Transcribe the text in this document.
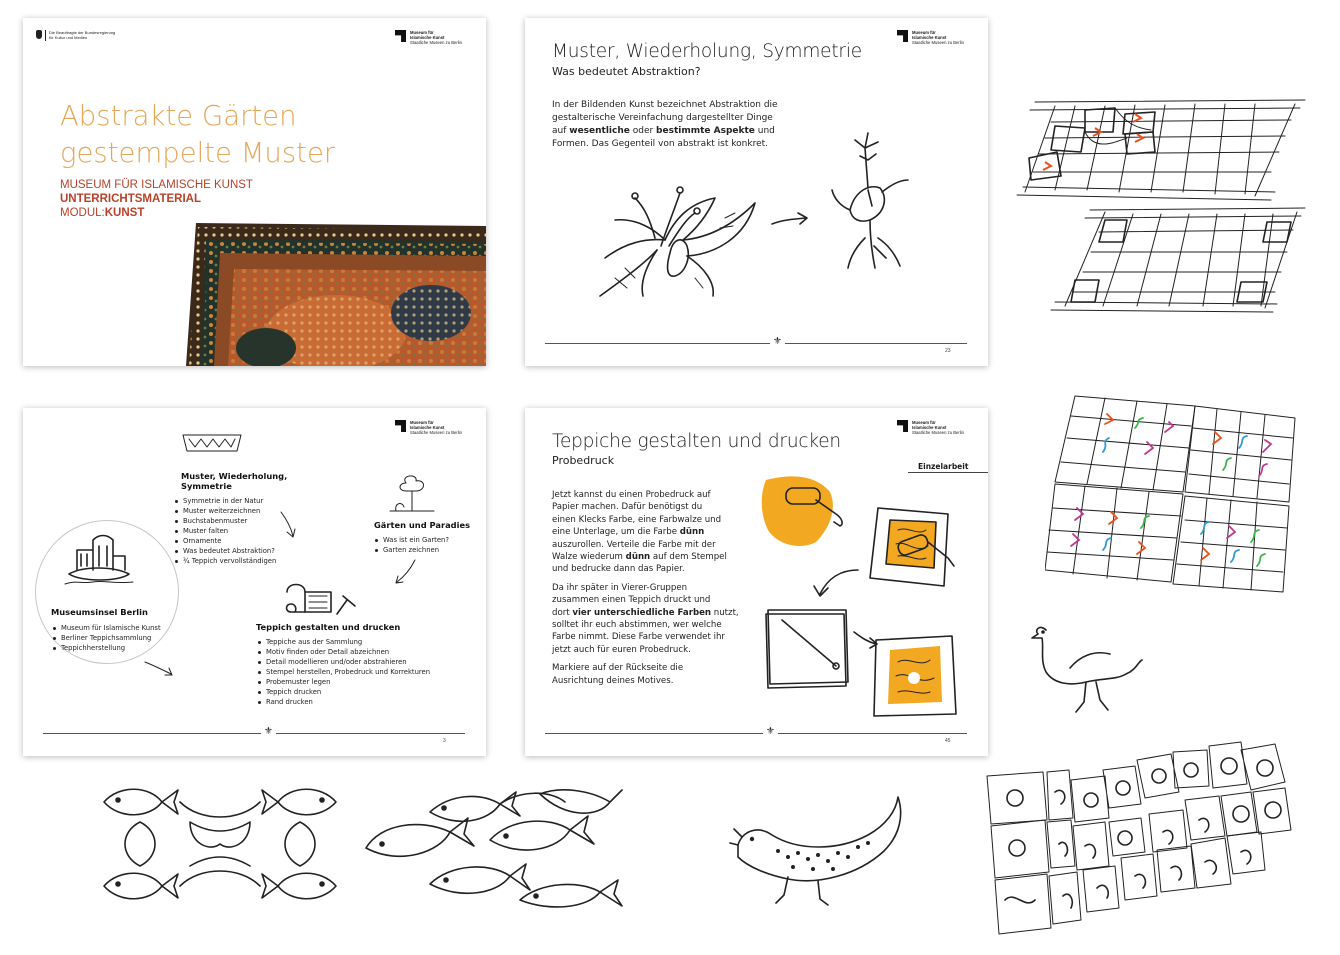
Die Beauftragte der Bundesregierung
für Kultur und Medien
Museum für
Islamische Kunst
Staatliche Museen zu Berlin
Abstrakte Gärten
gestempelte Muster
MUSEUM FÜR ISLAMISCHE KUNST
UNTERRICHTSMATERIAL
MODUL:KUNST
Museum für
Islamische Kunst
Staatliche Museen zu Berlin
Muster, Wiederholung, Symmetrie
Was bedeutet Abstraktion?
In der Bildenden Kunst bezeichnet Abstraktion die
gestalterische Vereinfachung dargestellter Dinge
auf wesentliche oder bestimmte Aspekte und
Formen. Das Gegenteil von abstrakt ist konkret.
⚜
23
Museum für
Islamische Kunst
Staatliche Museen zu Berlin
Muster, Wiederholung,
Symmetrie
Symmetrie in der Natur
Muster weiterzeichnen
Buchstabenmuster
Muster falten
Ornamente
Was bedeutet Abstraktion?
¾ Teppich vervollständigen
Gärten und Paradies
Was ist ein Garten?
Garten zeichnen
Museumsinsel Berlin
Museum für Islamische Kunst
Berliner Teppichsammlung
Teppichherstellung
Teppich gestalten und drucken
Teppiche aus der Sammlung
Motiv finden oder Detail abzeichnen
Detail modellieren und/oder abstrahieren
Stempel herstellen, Probedruck und Korrekturen
Probemuster legen
Teppich drucken
Rand drucken
⚜
3
Museum für
Islamische Kunst
Staatliche Museen zu Berlin
Teppiche gestalten und drucken
Probedruck	Einzelarbeit
Jetzt kannst du einen Probedruck auf
Papier machen. Dafür benötigst du
einen Klecks Farbe, eine Farbwalze und
eine Unterlage, um die Farbe dünn
auszurollen. Verteile die Farbe mit der
Walze wiederum dünn auf dem Stempel
und bedrucke dann das Papier.
Da ihr später in Vierer-Gruppen
zusammen einen Teppich druckt und
dort vier unterschiedliche Farben nutzt,
solltet ihr euch abstimmen, wer welche
Farbe nimmt. Diese Farbe verwendet ihr
jetzt auch für euren Probedruck.
Markiere auf der Rückseite die
Ausrichtung deines Motives.
⚜
45
